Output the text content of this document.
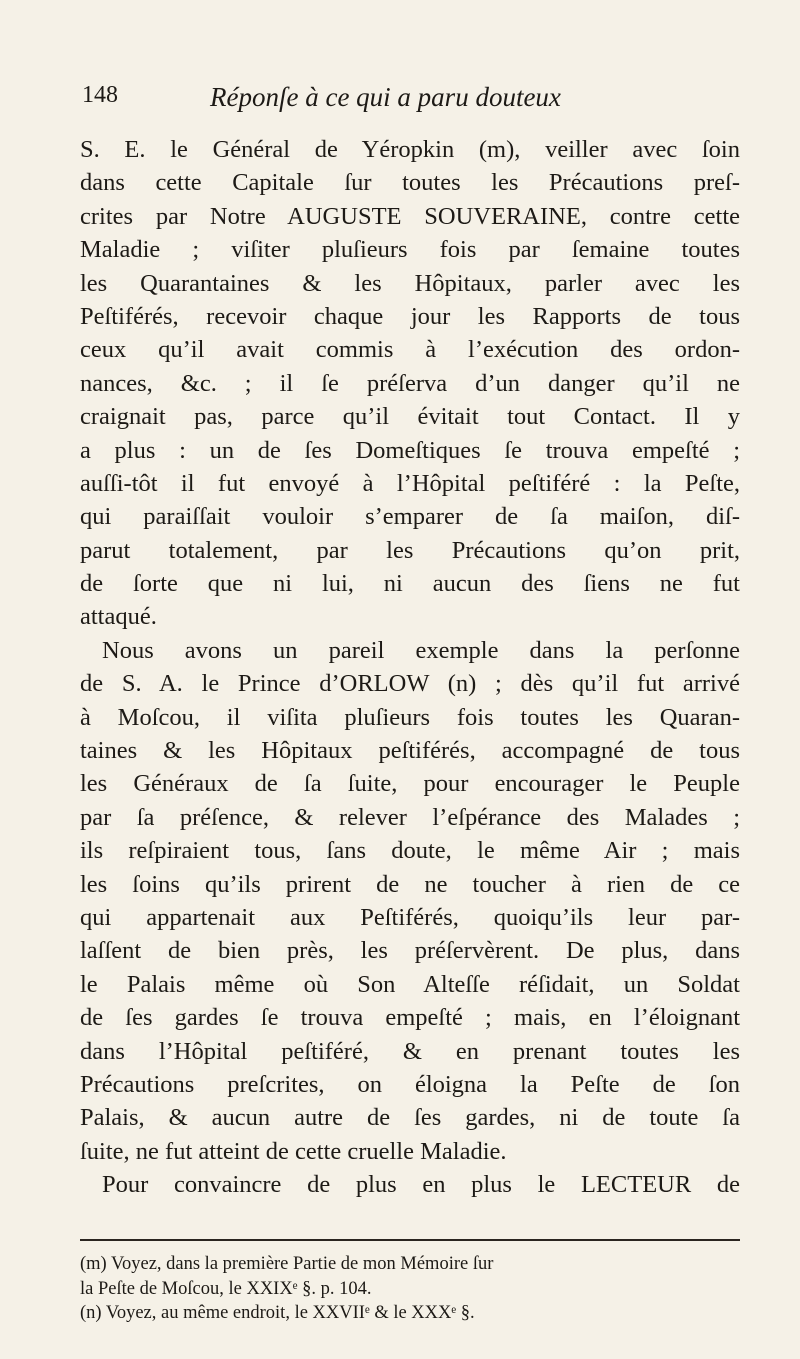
148	Réponſe à ce qui a paru douteux
S. E. le Général de Yéropkin (m), veiller avec ſoin
dans cette Capitale ſur toutes les Précautions preſ-
crites par Notre AUGUSTE SOUVERAINE, contre cette
Maladie ; viſiter pluſieurs fois par ſemaine toutes
les Quarantaines & les Hôpitaux, parler avec les
Peſtiférés, recevoir chaque jour les Rapports de tous
ceux qu’il avait commis à l’exécution des ordon-
nances, &c. ; il ſe préſerva d’un danger qu’il ne
craignait pas, parce qu’il évitait tout Contact. Il y
a plus : un de ſes Domeſtiques ſe trouva empeſté ;
auſſi-tôt il fut envoyé à l’Hôpital peſtiféré : la Peſte,
qui paraiſſait vouloir s’emparer de ſa maiſon, diſ-
parut totalement, par les Précautions qu’on prit,
de ſorte que ni lui, ni aucun des ſiens ne fut
attaqué.
Nous avons un pareil exemple dans la perſonne
de S. A. le Prince d’ORLOW (n) ; dès qu’il fut arrivé
à Moſcou, il viſita pluſieurs fois toutes les Quaran-
taines & les Hôpitaux peſtiférés, accompagné de tous
les Généraux de ſa ſuite, pour encourager le Peuple
par ſa préſence, & relever l’eſpérance des Malades ;
ils reſpiraient tous, ſans doute, le même Air ; mais
les ſoins qu’ils prirent de ne toucher à rien de ce
qui appartenait aux Peſtiférés, quoiqu’ils leur par-
laſſent de bien près, les préſervèrent. De plus, dans
le Palais même où Son Alteſſe réſidait, un Soldat
de ſes gardes ſe trouva empeſté ; mais, en l’éloignant
dans l’Hôpital peſtiféré, & en prenant toutes les
Précautions preſcrites, on éloigna la Peſte de ſon
Palais, & aucun autre de ſes gardes, ni de toute ſa
ſuite, ne fut atteint de cette cruelle Maladie.
Pour convaincre de plus en plus le LECTEUR de
(m) Voyez, dans la première Partie de mon Mémoire ſur
la Peſte de Moſcou, le XXIXᵉ §. p. 104.
(n) Voyez, au même endroit, le XXVIIᵉ & le XXXᵉ §.
